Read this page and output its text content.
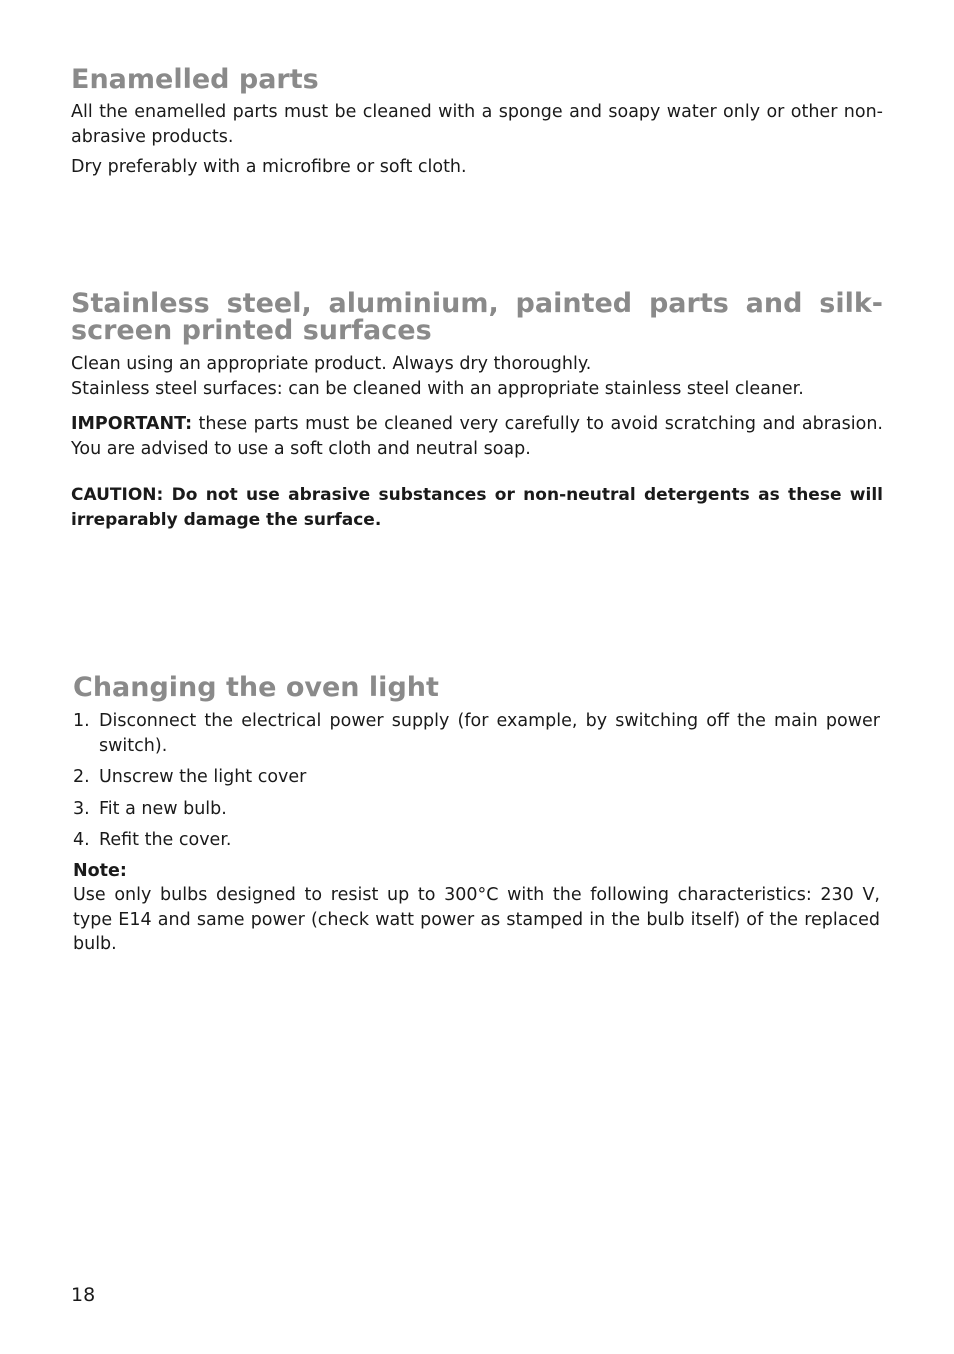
Enamelled parts

All the enamelled parts must be cleaned with a sponge and soapy water only or other non-abrasive products.

Dry preferably with a microfibre or soft cloth.

Stainless steel, aluminium, painted parts and silk-
screen printed surfaces

Clean using an appropriate product. Always dry thoroughly.

Stainless steel surfaces: can be cleaned with an appropriate stainless steel cleaner.

IMPORTANT: these parts must be cleaned very carefully to avoid scratching and abrasion. You are advised to use a soft cloth and neutral soap.

CAUTION: Do not use abrasive substances or non-neutral detergents as these will irreparably damage the surface.

Changing the oven light
1. Disconnect the electrical power supply (for example, by switching off the main power switch).
2. Unscrew the light cover
3. Fit a new bulb.
4. Refit the cover.
Note:

Use only bulbs designed to resist up to 300°C with the following characteristics: 230 V, type E14 and same power (check watt power as stamped in the bulb itself) of the replaced bulb.

18
